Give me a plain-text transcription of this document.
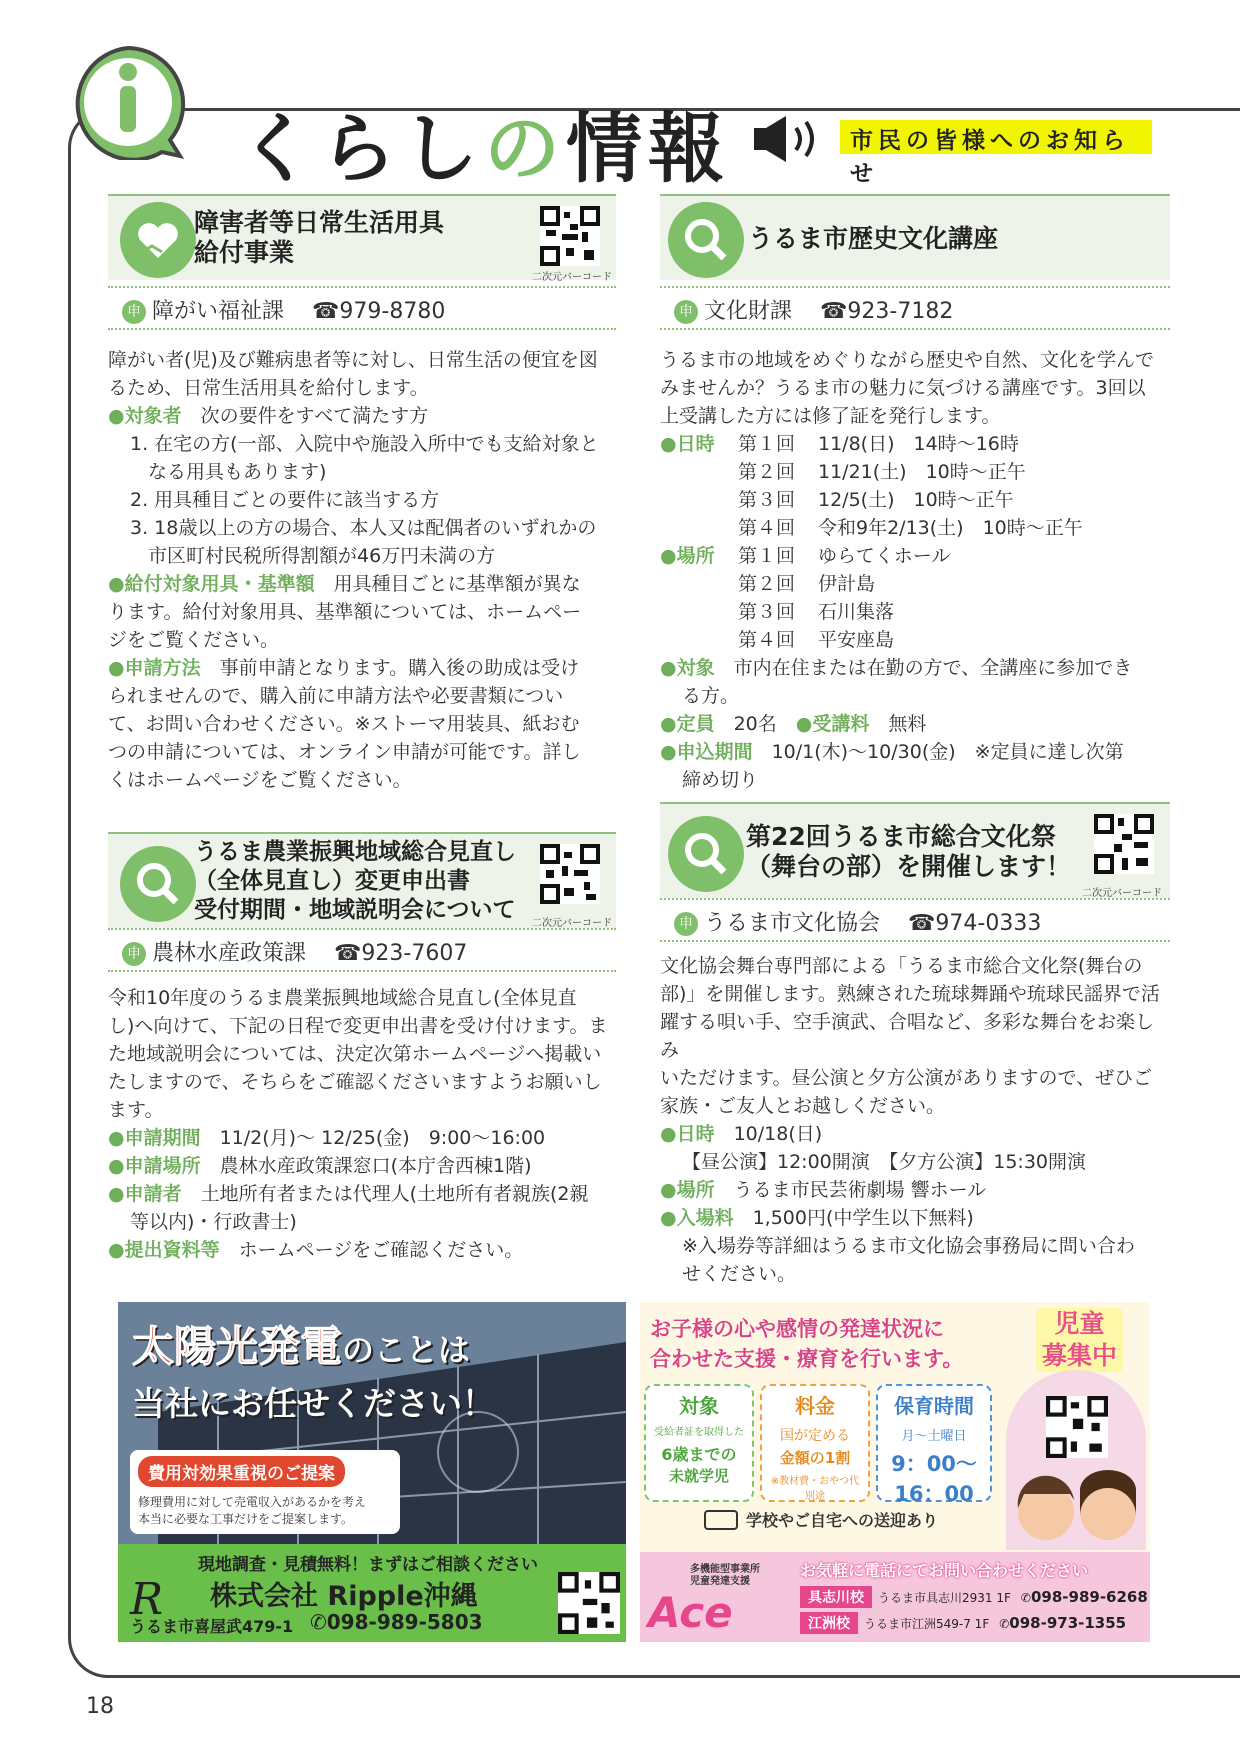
くらしの情報	市民の皆様へのお知らせ
障害者等日常生活用具
給付事業
二次元バーコード
申 障がい福祉課 ☎979-8780

障がい者(児)及び難病患者等に対し、日常生活の便宜を図

るため、日常生活用具を給付します。

●対象者　次の要件をすべて満たす方

1. 在宅の方(一部、入院中や施設入所中でも支給対象と

なる用具もあります)

2. 用具種目ごとの要件に該当する方

3. 18歳以上の方の場合、本人又は配偶者のいずれかの

市区町村民税所得割額が46万円未満の方

●給付対象用具・基準額　用具種目ごとに基準額が異な

ります。給付対象用具、基準額については、ホームペー

ジをご覧ください。

●申請方法　事前申請となります。購入後の助成は受け

られませんので、購入前に申請方法や必要書類につい

て、お問い合わせください。※ストーマ用装具、紙おむ

つの申請については、オンライン申請が可能です。詳し

くはホームページをご覧ください。

うるま市歴史文化講座
申 文化財課 ☎923-7182

うるま市の地域をめぐりながら歴史や自然、文化を学んで

みませんか？うるま市の魅力に気づける講座です。3回以

上受講した方には修了証を発行します。

●日時	第１回	11/8(日)　14時～16時
第２回	11/21(土)　10時～正午
第３回	12/5(土)　10時～正午
第４回	令和9年2/13(土)　10時～正午
●場所	第１回	ゆらてくホール
第２回	伊計島
第３回	石川集落
第４回	平安座島

●対象　市内在住または在勤の方で、全講座に参加でき

る方。

●定員　20名　●受講料　無料

●申込期間　10/1(木)～10/30(金)　※定員に達し次第

締め切り

うるま農業振興地域総合見直し
（全体見直し）変更申出書
受付期間・地域説明会について
二次元バーコード
申 農林水産政策課 ☎923-7607

令和10年度のうるま農業振興地域総合見直し(全体見直

し)へ向けて、下記の日程で変更申出書を受け付けます。ま

た地域説明会については、決定次第ホームページへ掲載い

たしますので、そちらをご確認くださいますようお願いし

ます。

●申請期間　11/2(月)～ 12/25(金)　9:00～16:00

●申請場所　農林水産政策課窓口(本庁舎西棟1階)

●申請者　土地所有者または代理人(土地所有者親族(2親

等以内)・行政書士)

●提出資料等　ホームページをご確認ください。

第22回うるま市総合文化祭
（舞台の部）を開催します！
二次元バーコード
申 うるま市文化協会 ☎974-0333

文化協会舞台専門部による「うるま市総合文化祭(舞台の

部)」を開催します。熟練された琉球舞踊や琉球民謡界で活

躍する唄い手、空手演武、合唱など、多彩な舞台をお楽しみ

いただけます。昼公演と夕方公演がありますので、ぜひご

家族・ご友人とお越しください。

●日時　10/18(日)

【昼公演】12:00開演　【夕方公演】15:30開演

●場所　うるま市民芸術劇場 響ホール

●入場料　1,500円(中学生以下無料)

※入場券等詳細はうるま市文化協会事務局に問い合わ

せください。

太陽光発電のことは
当社にお任せください！
費用対効果重視のご提案
修理費用に対して売電収入があるかを考え
本当に必要な工事だけをご提案します。
現地調査・見積無料！まずはご相談ください
R 株式会社 Ripple沖縄
うるま市喜屋武479-1 ✆098-989-5803
お子様の心や感情の発達状況に
合わせた支援・療育を行います。
児童
募集中
対象
受給者証を取得した
6歳までの
未就学児
料金
国が定める
金額の1割
※教材費・おやつ代別途
保育時間
月～土曜日
9：00～
16：00
学校やご自宅への送迎あり
多機能型事業所
児童発達支援
Ace
お気軽に電話にてお問い合わせください
具志川校 うるま市具志川2931 1F ✆098-989-6268
江洲校 うるま市江洲549-7 1F ✆098-973-1355
18
